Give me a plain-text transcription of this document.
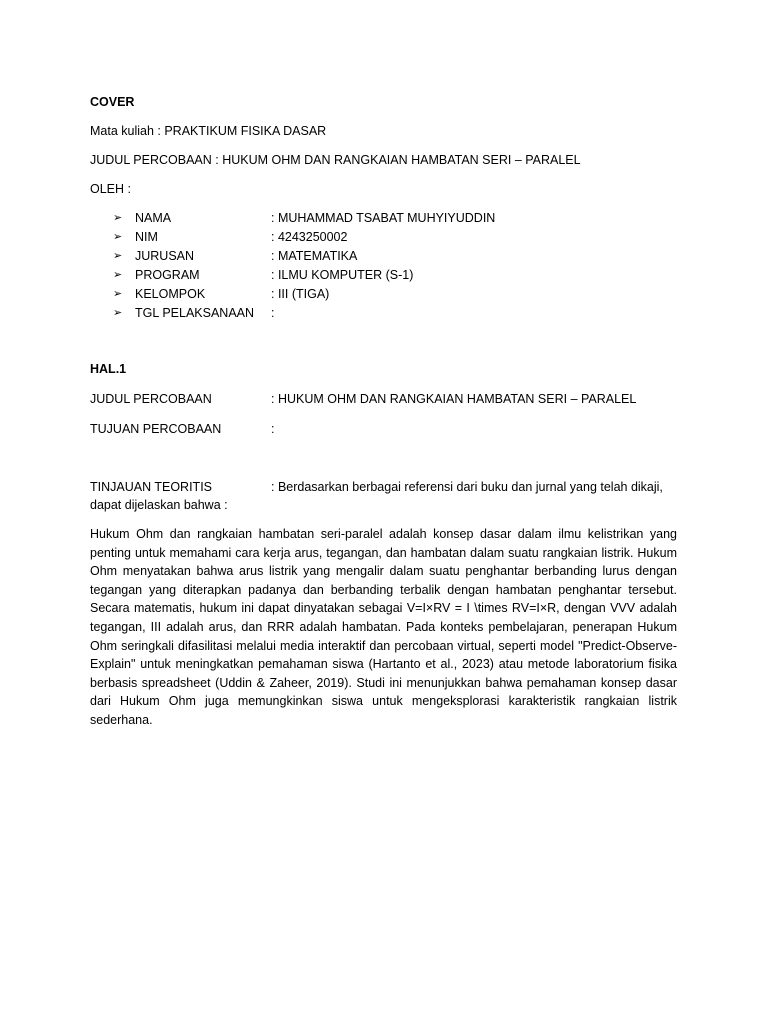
COVER
Mata kuliah : PRAKTIKUM FISIKA DASAR
JUDUL PERCOBAAN : HUKUM OHM DAN RANGKAIAN HAMBATAN SERI – PARALEL
OLEH :
➢ NAMA	: MUHAMMAD TSABAT MUHYIYUDDIN
➢ NIM	: 4243250002
➢ JURUSAN	: MATEMATIKA
➢ PROGRAM	: ILMU KOMPUTER (S-1)
➢ KELOMPOK	: III (TIGA)
➢ TGL PELAKSANAAN :
HAL.1
JUDUL PERCOBAAN	: HUKUM OHM DAN RANGKAIAN HAMBATAN SERI – PARALEL
TUJUAN PERCOBAAN	:
TINJAUAN TEORITIS	: Berdasarkan berbagai referensi dari buku dan jurnal yang telah dikaji,
dapat dijelaskan bahwa :
Hukum Ohm dan rangkaian hambatan seri-paralel adalah konsep dasar dalam ilmu kelistrikan yang penting untuk memahami cara kerja arus, tegangan, dan hambatan dalam suatu rangkaian listrik. Hukum Ohm menyatakan bahwa arus listrik yang mengalir dalam suatu penghantar berbanding lurus dengan tegangan yang diterapkan padanya dan berbanding terbalik dengan hambatan penghantar tersebut. Secara matematis, hukum ini dapat dinyatakan sebagai V=I×RV = I \times RV=I×R, dengan VVV adalah tegangan, III adalah arus, dan RRR adalah hambatan. Pada konteks pembelajaran, penerapan Hukum Ohm seringkali difasilitasi melalui media interaktif dan percobaan virtual, seperti model "Predict-Observe-Explain" untuk meningkatkan pemahaman siswa (Hartanto et al., 2023) atau metode laboratorium fisika berbasis spreadsheet (Uddin & Zaheer, 2019). Studi ini menunjukkan bahwa pemahaman konsep dasar dari Hukum Ohm juga memungkinkan siswa untuk mengeksplorasi karakteristik rangkaian listrik sederhana.
